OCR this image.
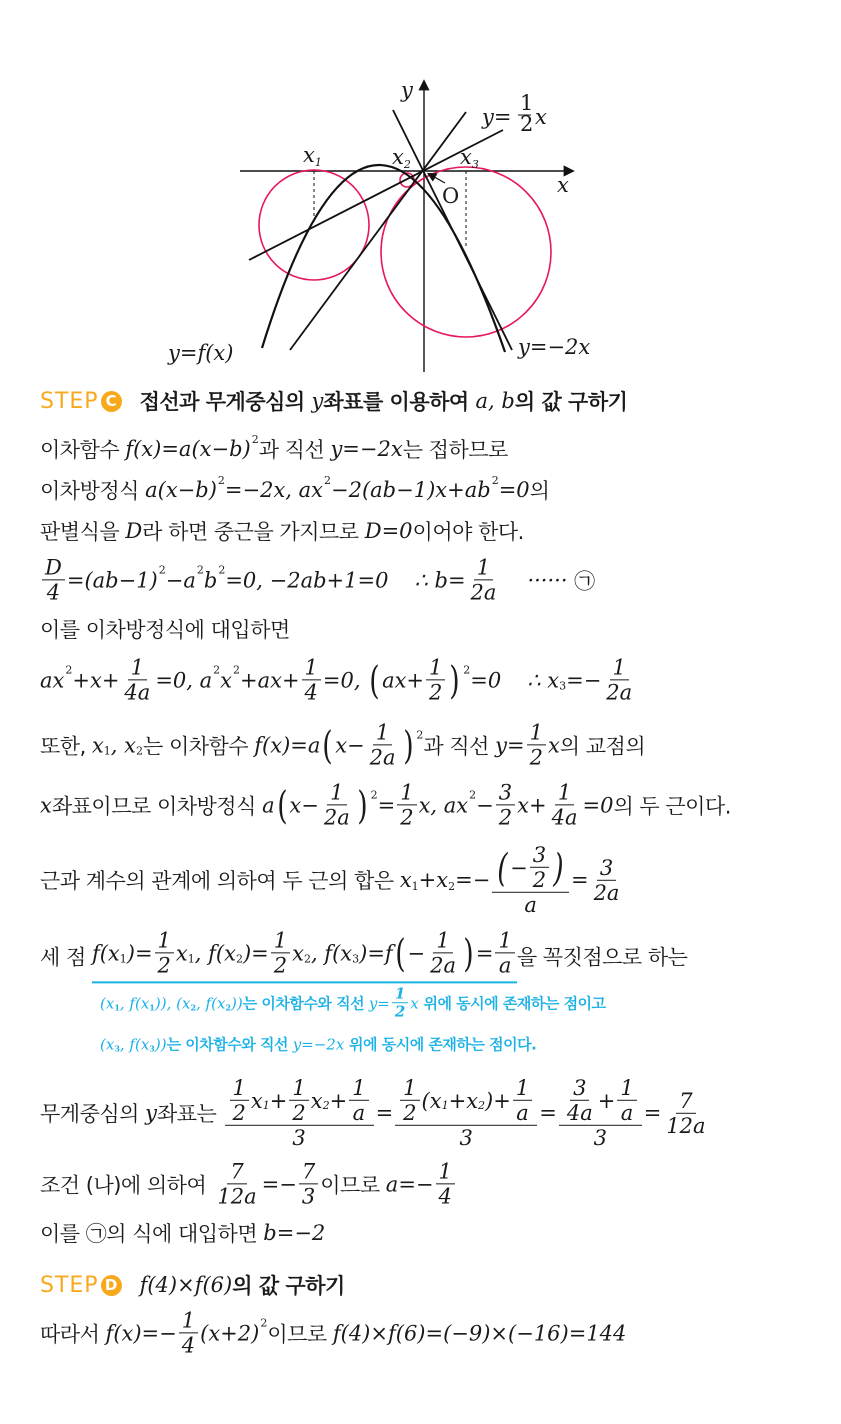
y
x
O
x1	x2 x3
y=
1
2 x
y=f(x)	y=−2x
STEP C 접선과 무게중심의 y 좌표를 이용하여 a , b 의 값 구하기
이차함수 f(x)=a(x−b) 2 과 직선 y=−2x 는 접하므로
이차방정식 a(x−b) 2 =−2x, ax 2 −2(ab−1)x+ab 2 =0 의
판별식을 D 라 하면 중근을 가지므로 D=0 이어야 한다.
$\frac{D}{4} =(ab-1)$ 2 −a 2 b 2 =0, −2ab+1=0 ∴ $b= \frac{1}{2a}$ ······ ㉠
이를 이차방정식에 대입하면
ax $2 +x+ \frac{1}{4a} =0$, a 2 x $2 +ax+ \frac{1}{4} =0$, ( $ax+ \frac{1}{2}$ ) 2 =0 ∴ x $3 =- \frac{1}{2a}$
또한, x 1 , x 2 는 이차함수 f(x)=a ( $x- \frac{1}{2a}$ ) 2 과 직선 $y= \frac{1}{2}$ x 의 교점의
x 좌표이므로 이차방정식 a ( $x- \frac{1}{2a}$ ) $2 = \frac{1}{2} x$, ax $2 - \frac{3}{2} x+ \frac{1}{4a} =0$ 의 두 근이다.
근과 계수의 관계에 의하여 두 근의 합은 x 1 +x $2 =- \frac{( - \frac{3}{2} )}{a} = \frac{3}{2a}$
세 점 f(x 1 )= $\frac{1}{2}$ x 1 , f(x 2 )= $\frac{1}{2}$ x 2 , f(x 3 )=f ( − $\frac{1}{2a}$ ) = $\frac{1}{a}$ 을 꼭짓점으로 하는
(x 1 , f(x 1 )), (x 2 , f(x 2 )) 는 이차함수와 직선 $y= \frac{1}{2}$ x 위에 동시에 존재하는 점이고
(x 3 , f(x 3 )) 는 이차함수와 직선 y=−2x 위에 동시에 존재하는 점이다.
무게중심의 y 좌표는 $\frac{\frac{1}{2} x 1 + \frac{1}{2} x 2 + \frac{1}{a}}{3} = \frac{\frac{1}{2} (x 1 +x 2 )+ \frac{1}{a}}{3} = \frac{\frac{3}{4a} + \frac{1}{a}}{3} = \frac{7}{12a}$
조건 (나)에 의하여 $\frac{7}{12a} =- \frac{7}{3}$ 이므로 $a=- \frac{1}{4}$
이를 ㉠ 의 식에 대입하면 b=−2
따라서 $f(x)=- \frac{1}{4} (x+2)$ 2 이므로 f(4)×f(6)=(−9)×(−16)=144
STEP D f(4)×f(6) 의 값 구하기
